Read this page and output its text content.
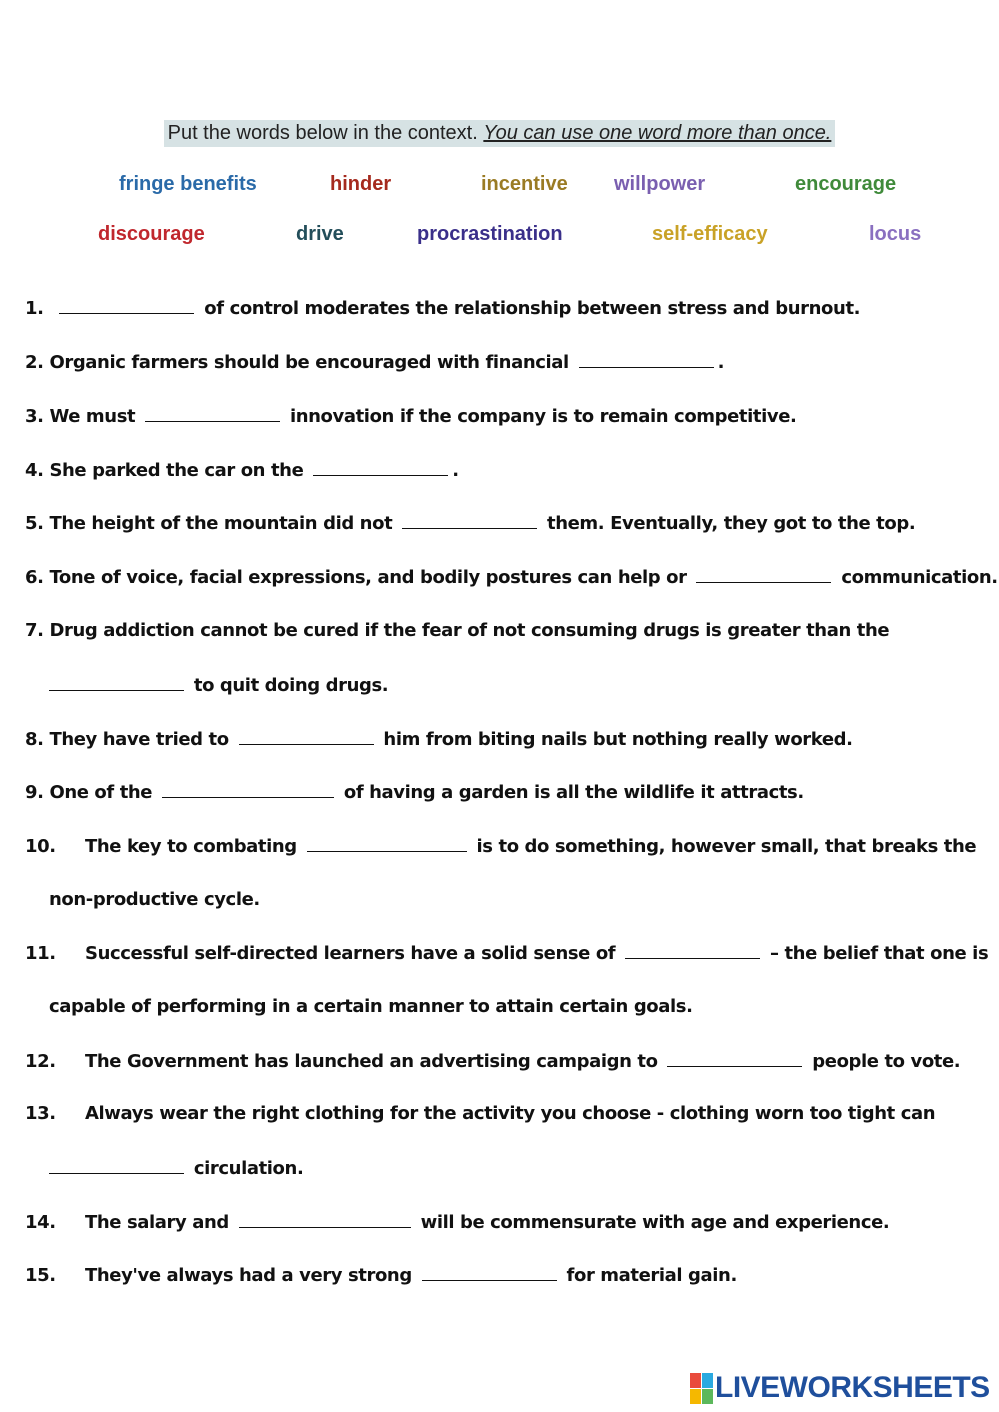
Put the words below in the context. You can use one word more than once.
fringe benefits	hinder	incentive willpower	encourage
discourage	drive	procrastination	self-efficacy	locus
1.	of control moderates the relationship between stress and burnout.
2. Organic farmers should be encouraged with financial	.
3. We must	innovation if the company is to remain competitive.
4. She parked the car on the	.
5. The height of the mountain did not	them. Eventually, they got to the top.
6. Tone of voice, facial expressions, and bodily postures can help or	communication.
7. Drug addiction cannot be cured if the fear of not consuming drugs is greater than the
to quit doing drugs.
8. They have tried to	him from biting nails but nothing really worked.
9. One of the	of having a garden is all the wildlife it attracts.
10. The key to combating	is to do something, however small, that breaks the
non-productive cycle.
11. Successful self-directed learners have a solid sense of	– the belief that one is
capable of performing in a certain manner to attain certain goals.
12. The Government has launched an advertising campaign to	people to vote.
13. Always wear the right clothing for the activity you choose - clothing worn too tight can
circulation.
14. The salary and	will be commensurate with age and experience.
15. They've always had a very strong	for material gain.
LIVEWORKSHEETS
